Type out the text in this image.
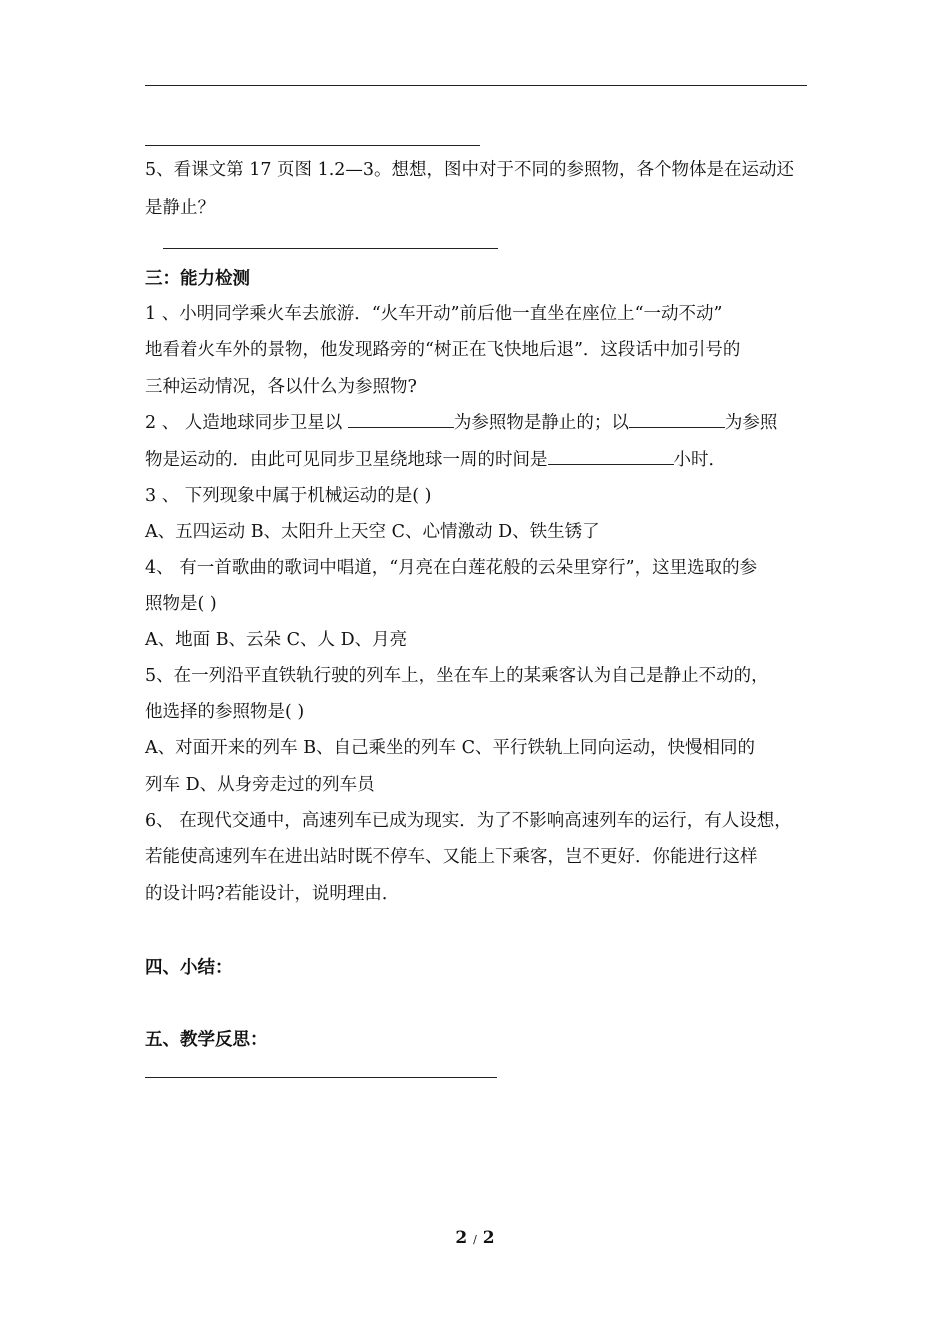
5、看课文第 17 页图 1.2—3。想想，图中对于不同的参照物，各个物体是在运动还
是静止？
三：能力检测
1 、小明同学乘火车去旅游．“火车开动”前后他一直坐在座位上“一动不动”
地看着火车外的景物，他发现路旁的“树正在飞快地后退”．这段话中加引号的
三种运动情况，各以什么为参照物?
2 、 人造地球同步卫星以	为参照物是静止的；以	为参照
物是运动的．由此可见同步卫星绕地球一周的时间是	小时．
3 、 下列现象中属于机械运动的是( )
A、五四运动 B、太阳升上天空 C、心情激动 D、铁生锈了
4、 有一首歌曲的歌词中唱道，“月亮在白莲花般的云朵里穿行”，这里选取的参
照物是( )
A、地面 B、云朵 C、人 D、月亮
5、在一列沿平直铁轨行驶的列车上，坐在车上的某乘客认为自己是静止不动的，
他选择的参照物是( )
A、对面开来的列车 B、自己乘坐的列车 C、平行铁轨上同向运动，快慢相同的
列车 D、从身旁走过的列车员
6、 在现代交通中，高速列车已成为现实．为了不影响高速列车的运行，有人设想，
若能使高速列车在进出站时既不停车、又能上下乘客，岂不更好．你能进行这样
的设计吗?若能设计，说明理由．
四、小结：
五、教学反思：
2 / 2
